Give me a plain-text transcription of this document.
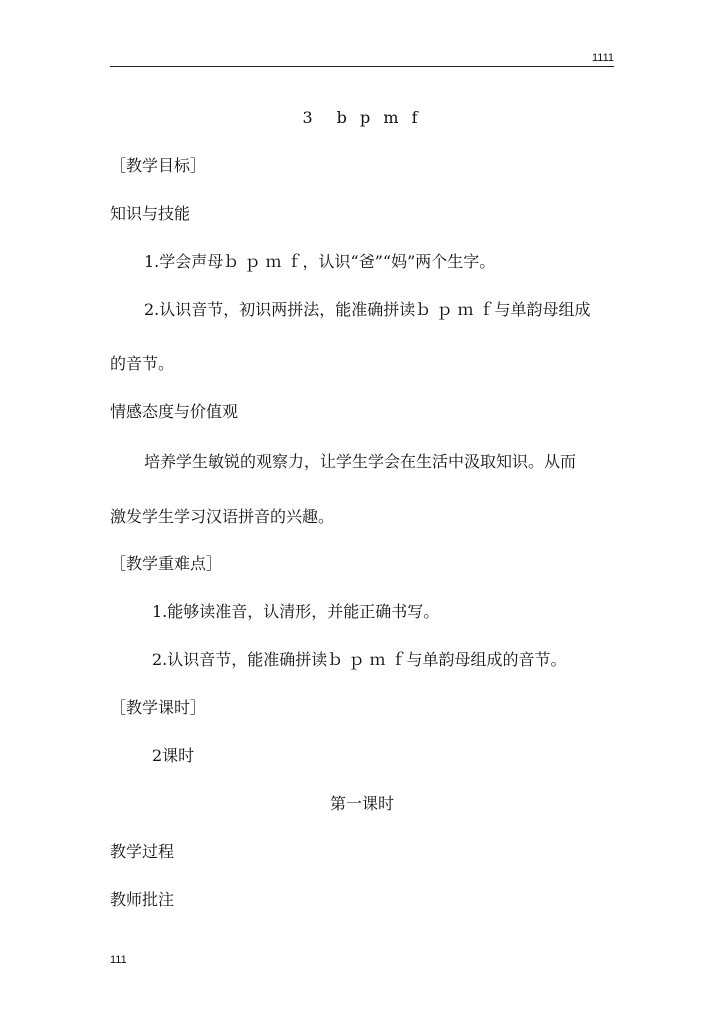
1111
3　b p m f
［教学目标］
知识与技能
1.学会声母ｂ ｐ ｍ ｆ，认识“爸”“妈”两个生字。
2.认识音节，初识两拼法，能准确拼读ｂ ｐ ｍ ｆ与单韵母组成
的音节。
情感态度与价值观
培养学生敏锐的观察力，让学生学会在生活中汲取知识。从而
激发学生学习汉语拼音的兴趣。
［教学重难点］
1.能够读准音，认清形，并能正确书写。
2.认识音节，能准确拼读ｂ ｐ ｍ ｆ与单韵母组成的音节。
［教学课时］
2课时
第一课时
教学过程
教师批注
111
